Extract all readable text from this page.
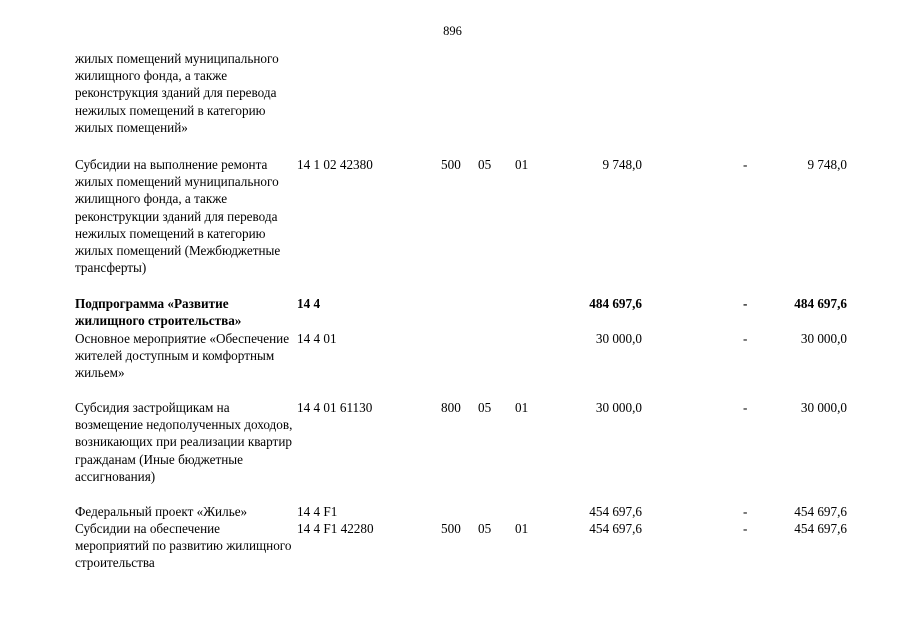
896
жилых помещений муниципального жилищного фонда, а также реконструкция зданий для перевода нежилых помещений в категорию жилых помещений»
Субсидии на выполнение ремонта жилых помещений муниципального жилищного фонда, а также реконструкции зданий для перевода нежилых помещений в категорию жилых помещений (Межбюджетные трансферты)
14 1 02 42380	500 05 01	9 748,0	-	9 748,0
Подпрограмма «Развитие жилищного строительства»
14 4	484 697,6	-	484 697,6
Основное мероприятие «Обеспечение жителей доступным и комфортным жильем»
14 4 01	30 000,0	-	30 000,0
Субсидия застройщикам на возмещение недополученных доходов, возникающих при реализации квартир гражданам (Иные бюджетные ассигнования)
14 4 01 61130	800 05 01	30 000,0	-	30 000,0
Федеральный проект «Жилье»	14 4 F1	454 697,6	-	454 697,6
Субсидии на обеспечение мероприятий по развитию жилищного строительства
14 4 F1 42280	500 05 01	454 697,6	-	454 697,6
